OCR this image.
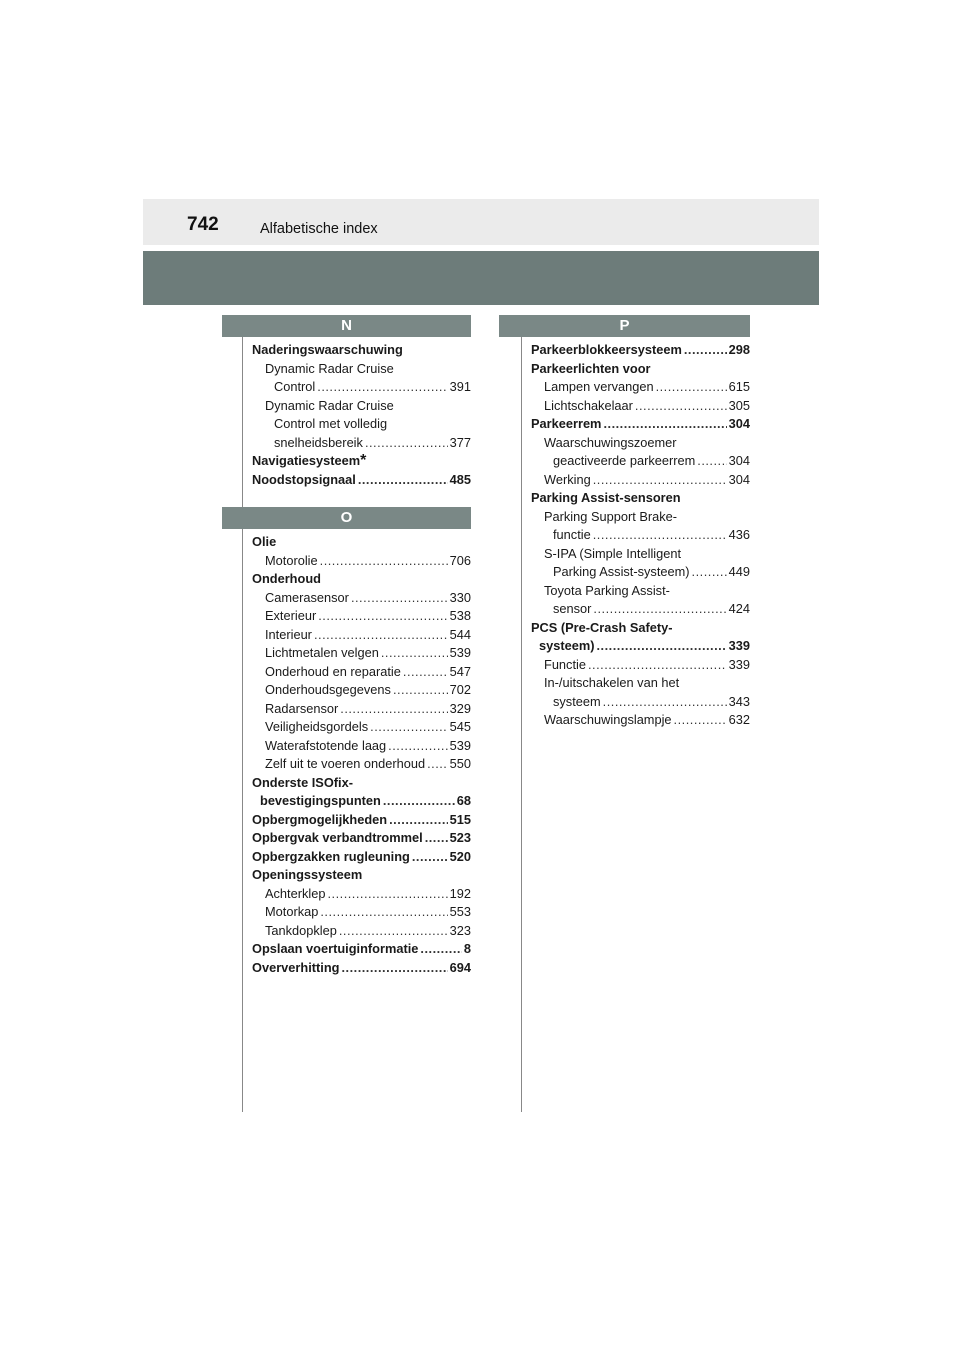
742	Alfabetische index
N
Naderingswaarschuwing
Dynamic Radar Cruise
Control .....	391
Dynamic Radar Cruise
Control met volledig
snelheidsbereik .....	377
Navigatiesysteem *
Noodstopsignaal .....	485
O
Olie
Motorolie .....	706
Onderhoud
Camerasensor .....	330
Exterieur .....	538
Interieur .....	544
Lichtmetalen velgen .....	539
Onderhoud en reparatie .....	547
Onderhoudsgegevens .....	702
Radarsensor .....	329
Veiligheidsgordels .....	545
Waterafstotende laag .....	539
Zelf uit te voeren onderhoud ..... 550
Onderste ISOfix-
bevestigingspunten .....	68
Opbergmogelijkheden .....	515
Opbergvak verbandtrommel ..... 523
Opbergzakken rugleuning .....	520
Openingssysteem
Achterklep .....	192
Motorkap .....	553
Tankdopklep .....	323
Opslaan voertuiginformatie .....	8
Oververhitting .....	694
P
Parkeerblokkeersysteem .....	298
Parkeerlichten voor
Lampen vervangen .....	615
Lichtschakelaar .....	305
Parkeerrem .....	304
Waarschuwingszoemer
geactiveerde parkeerrem .....	304
Werking .....	304
Parking Assist-sensoren
Parking Support Brake-
functie .....	436
S-IPA (Simple Intelligent
Parking Assist-systeem) .....	449
Toyota Parking Assist-
sensor .....	424
PCS (Pre-Crash Safety-
systeem) .....	339
Functie .....	339
In-/uitschakelen van het
systeem .....	343
Waarschuwingslampje .....	632
